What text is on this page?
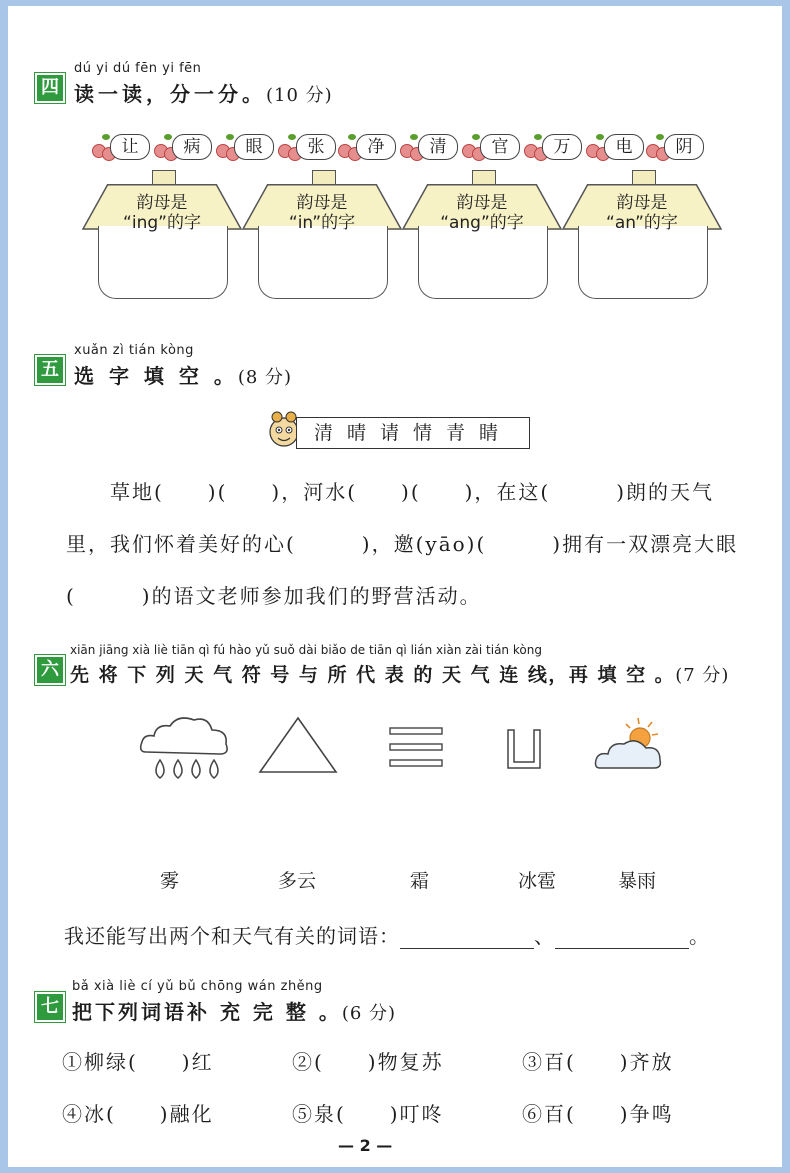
四
dú yi dú fēn yi fēn
读一读，分一分。(10 分)
让	病	眼	张	净	清	官	万	电	阴
韵母是
“ing”的字
韵母是
“in”的字
韵母是
“ang”的字
韵母是
“an”的字
五
xuǎn zì tián kòng
选 字 填 空 。(8 分)
清晴请情青睛
草地(　　)(　　)，河水(　　)(　　)，在这(　　　)朗的天气
里，我们怀着美好的心(　　　)，邀(yāo)(　　　)拥有一双漂亮大眼
(　　　)的语文老师参加我们的野营活动。
六
xiān jiāng xià liè tiān qì fú hào yǔ suǒ dài biǎo de tiān qì lián xiàn zài tián kòng
先 将 下 列 天 气 符 号 与 所 代 表 的 天 气 连 线，再 填 空 。(7 分)
雾	多云	霜	冰雹	暴雨
我还能写出两个和天气有关的词语：	、	。
七
bǎ xià liè cí yǔ bǔ chōng wán zhěng
把下列词语补 充 完 整 。(6 分)
①柳绿(　　)红	②(　　)物复苏	③百(　　)齐放
④冰(　　)融化	⑤泉(　　)叮咚	⑥百(　　)争鸣
— 2 —
